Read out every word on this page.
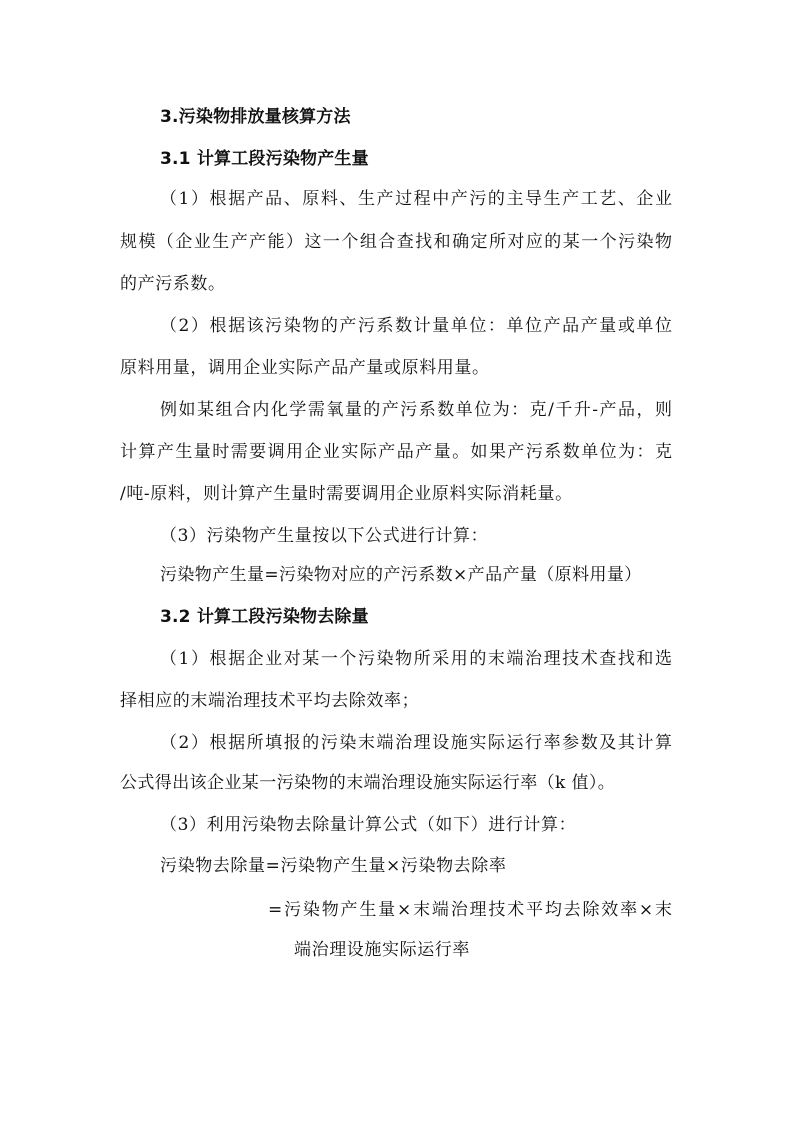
3.污染物排放量核算方法

3.1 计算工段污染物产生量

（1）根据产品、原料、生产过程中产污的主导生产工艺、企业

规模（企业生产产能）这一个组合查找和确定所对应的某一个污染物

的产污系数。

（2）根据该污染物的产污系数计量单位：单位产品产量或单位

原料用量，调用企业实际产品产量或原料用量。

例如某组合内化学需氧量的产污系数单位为：克/千升-产品，则

计算产生量时需要调用企业实际产品产量。如果产污系数单位为：克

/吨-原料，则计算产生量时需要调用企业原料实际消耗量。

（3）污染物产生量按以下公式进行计算：

污染物产生量=污染物对应的产污系数×产品产量（原料用量）

3.2 计算工段污染物去除量

（1）根据企业对某一个污染物所采用的末端治理技术查找和选

择相应的末端治理技术平均去除效率；

（2）根据所填报的污染末端治理设施实际运行率参数及其计算

公式得出该企业某一污染物的末端治理设施实际运行率（k 值）。

（3）利用污染物去除量计算公式（如下）进行计算：

污染物去除量=污染物产生量×污染物去除率

=污染物产生量×末端治理技术平均去除效率×末

端治理设施实际运行率
